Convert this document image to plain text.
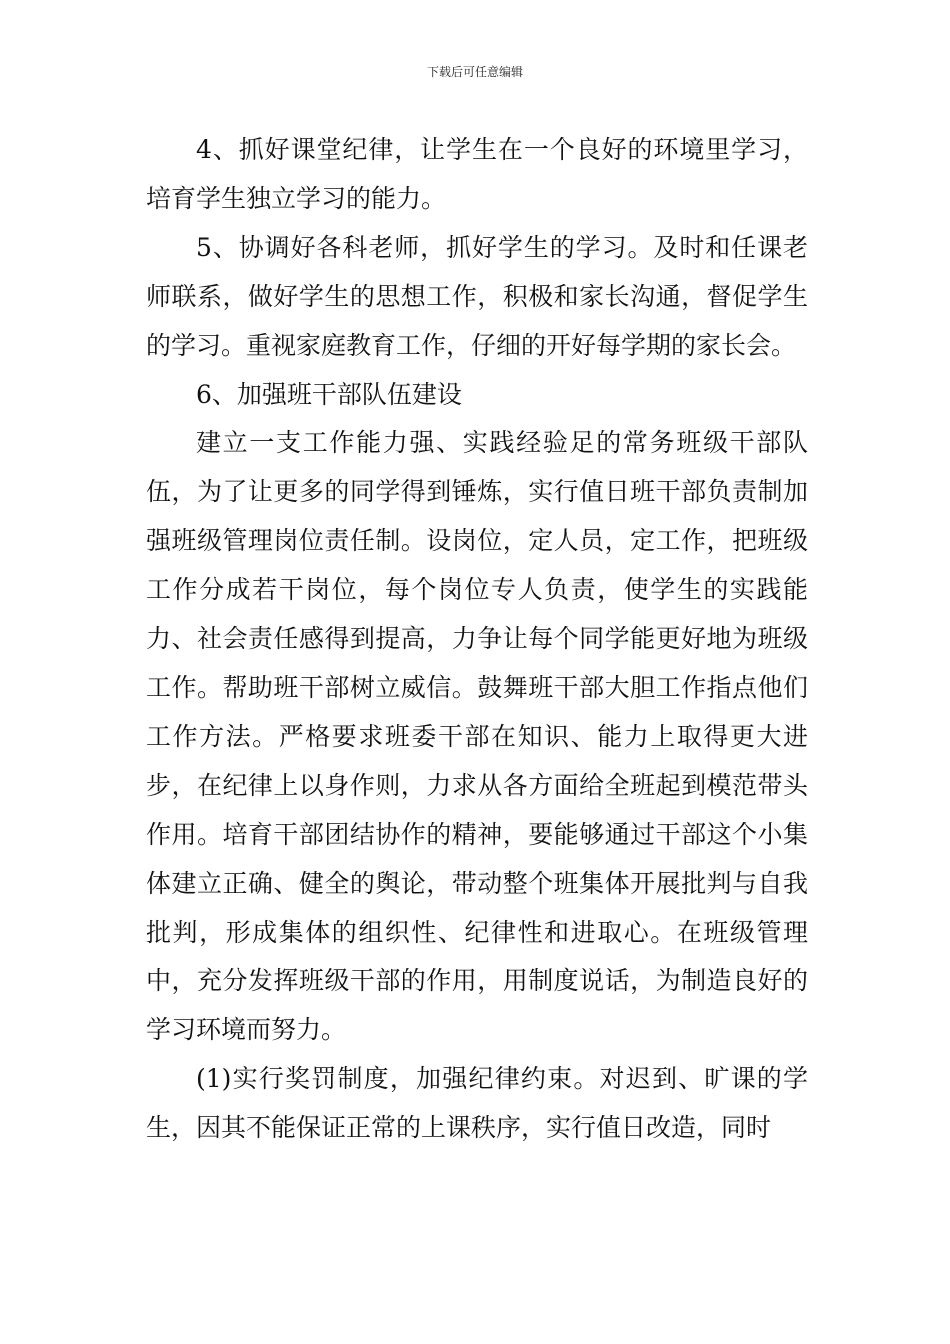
下载后可任意编辑

4、抓好课堂纪律，让学生在一个良好的环境里学习，培育学生独立学习的能力。

5、协调好各科老师，抓好学生的学习。及时和任课老师联系，做好学生的思想工作，积极和家长沟通，督促学生的学习。重视家庭教育工作，仔细的开好每学期的家长会。

6、加强班干部队伍建设

建立一支工作能力强、实践经验足的常务班级干部队伍，为了让更多的同学得到锤炼，实行值日班干部负责制加强班级管理岗位责任制。设岗位，定人员，定工作，把班级工作分成若干岗位，每个岗位专人负责，使学生的实践能力、社会责任感得到提高，力争让每个同学能更好地为班级工作。帮助班干部树立威信。鼓舞班干部大胆工作指点他们工作方法。严格要求班委干部在知识、能力上取得更大进步，在纪律上以身作则，力求从各方面给全班起到模范带头作用。培育干部团结协作的精神，要能够通过干部这个小集体建立正确、健全的舆论，带动整个班集体开展批判与自我批判，形成集体的组织性、纪律性和进取心。在班级管理中，充分发挥班级干部的作用，用制度说话，为制造良好的学习环境而努力。

(1)实行奖罚制度，加强纪律约束。对迟到、旷课的学生，因其不能保证正常的上课秩序，实行值日改造，同时
